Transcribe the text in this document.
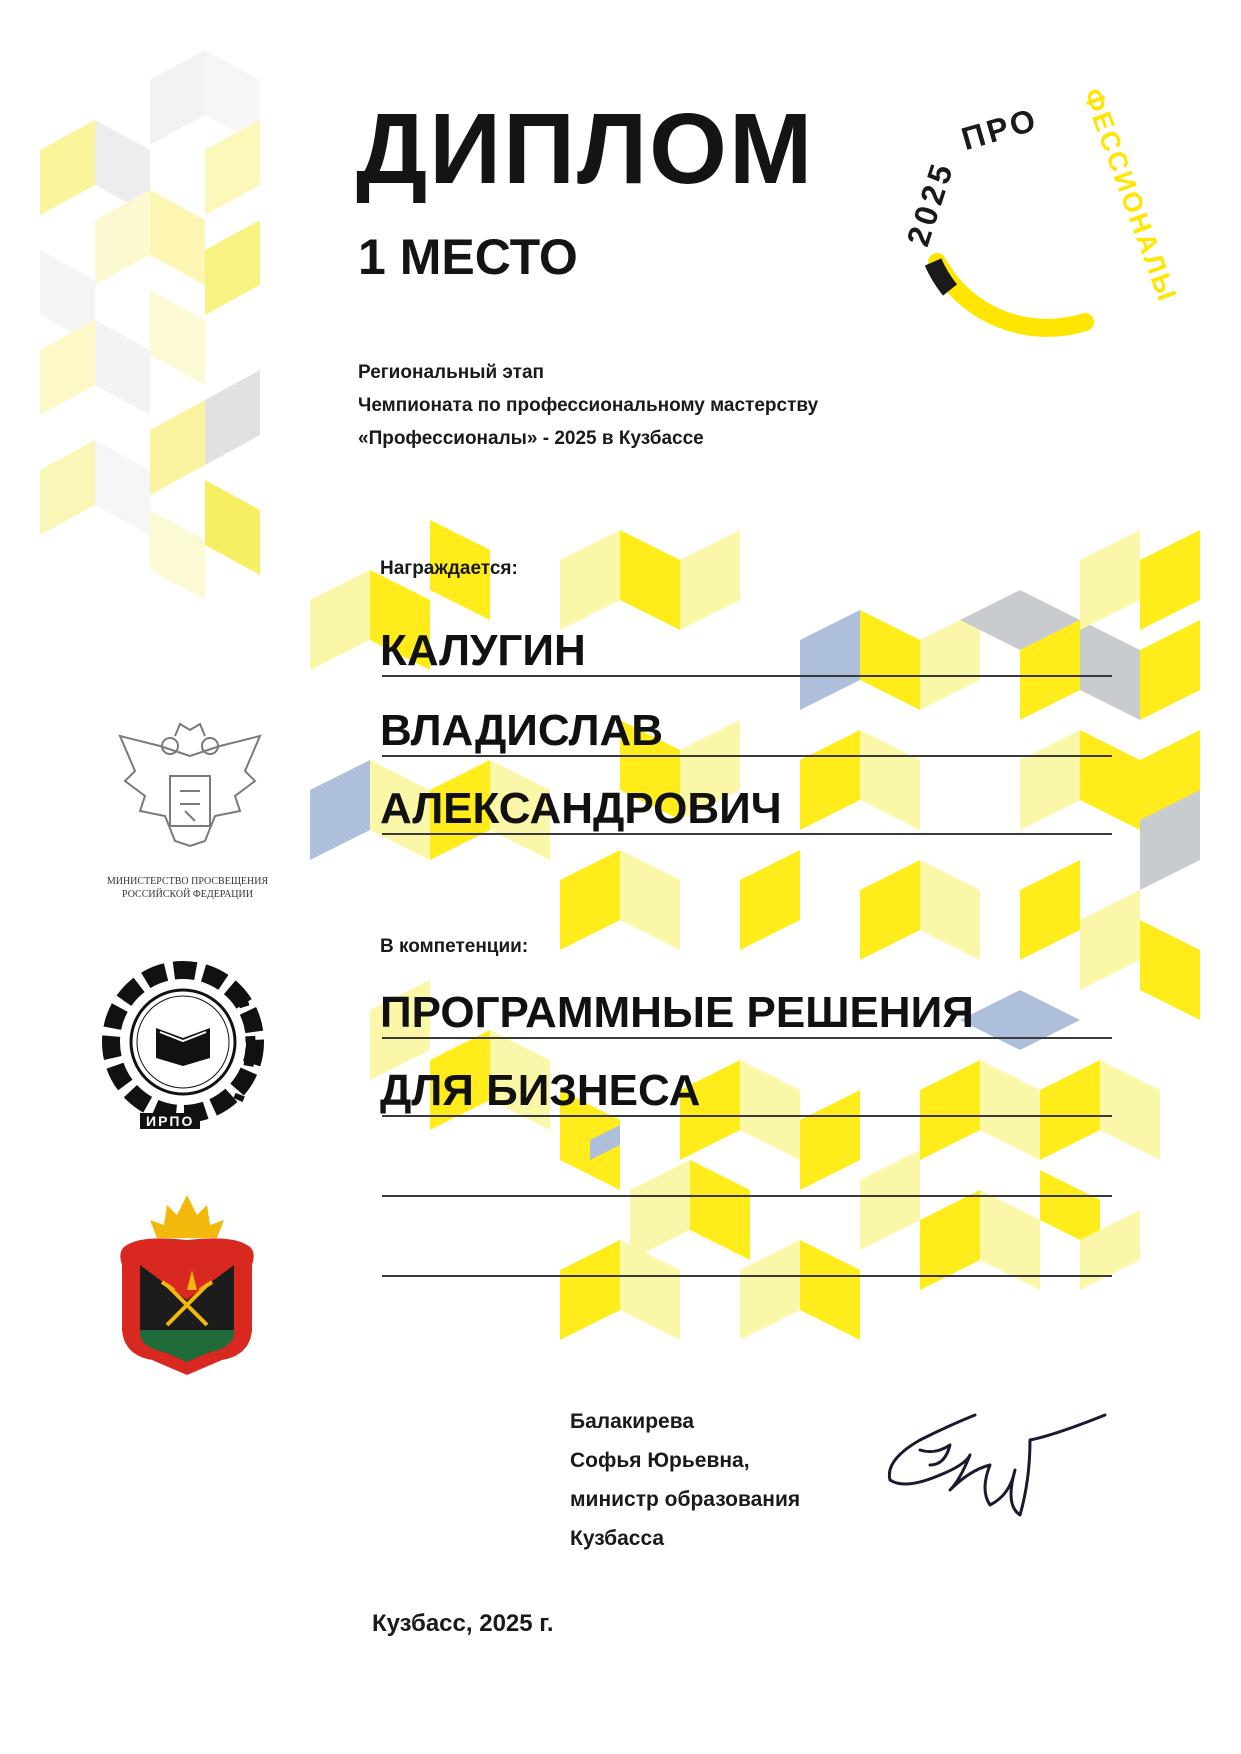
2025
ПРО ФЕССИОНАЛЫ
ДИПЛОМ
1 МЕСТО
Региональный этап
Чемпионата по профессиональному мастерству
«Профессионалы» - 2025 в Кузбассе
Награждается:
КАЛУГИН
ВЛАДИСЛАВ
АЛЕКСАНДРОВИЧ
В компетенции:
ПРОГРАММНЫЕ РЕШЕНИЯ
ДЛЯ БИЗНЕСА
МИНИСТЕРСТВО ПРОСВЕЩЕНИЯ РОССИЙСКОЙ ФЕДЕРАЦИИ
ИРПО
Балакирева
Софья Юрьевна,
министр образования
Кузбасса
Кузбасс, 2025 г.
